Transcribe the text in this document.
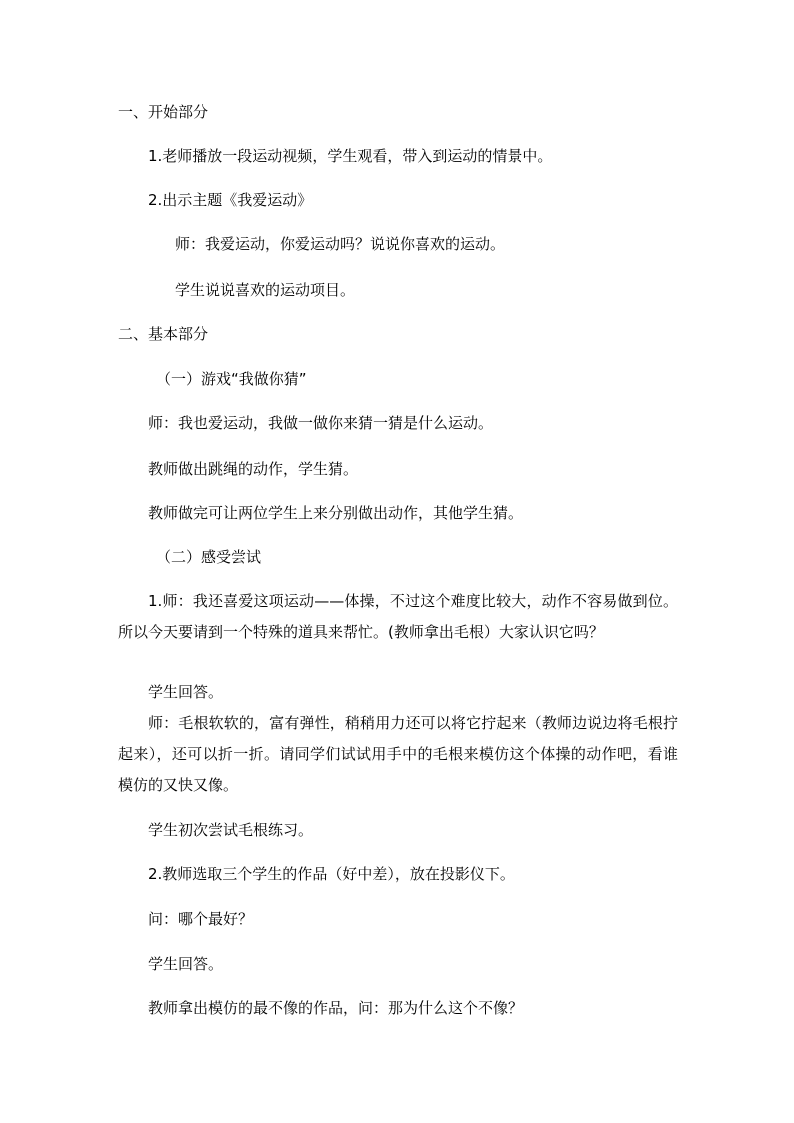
一、开始部分

1.老师播放一段运动视频，学生观看，带入到运动的情景中。

2.出示主题《我爱运动》

师：我爱运动，你爱运动吗？说说你喜欢的运动。

学生说说喜欢的运动项目。

二、基本部分

（一）游戏“我做你猜”

师：我也爱运动，我做一做你来猜一猜是什么运动。

教师做出跳绳的动作，学生猜。

教师做完可让两位学生上来分别做出动作，其他学生猜。

（二）感受尝试

1.师：我还喜爱这项运动——体操，不过这个难度比较大，动作不容易做到位。所以今天要请到一个特殊的道具来帮忙。(教师拿出毛根）大家认识它吗？

学生回答。

师：毛根软软的，富有弹性，稍稍用力还可以将它拧起来（教师边说边将毛根拧起来），还可以折一折。请同学们试试用手中的毛根来模仿这个体操的动作吧，看谁模仿的又快又像。

学生初次尝试毛根练习。

2.教师选取三个学生的作品（好中差），放在投影仪下。

问：哪个最好？

学生回答。

教师拿出模仿的最不像的作品，问：那为什么这个不像？
